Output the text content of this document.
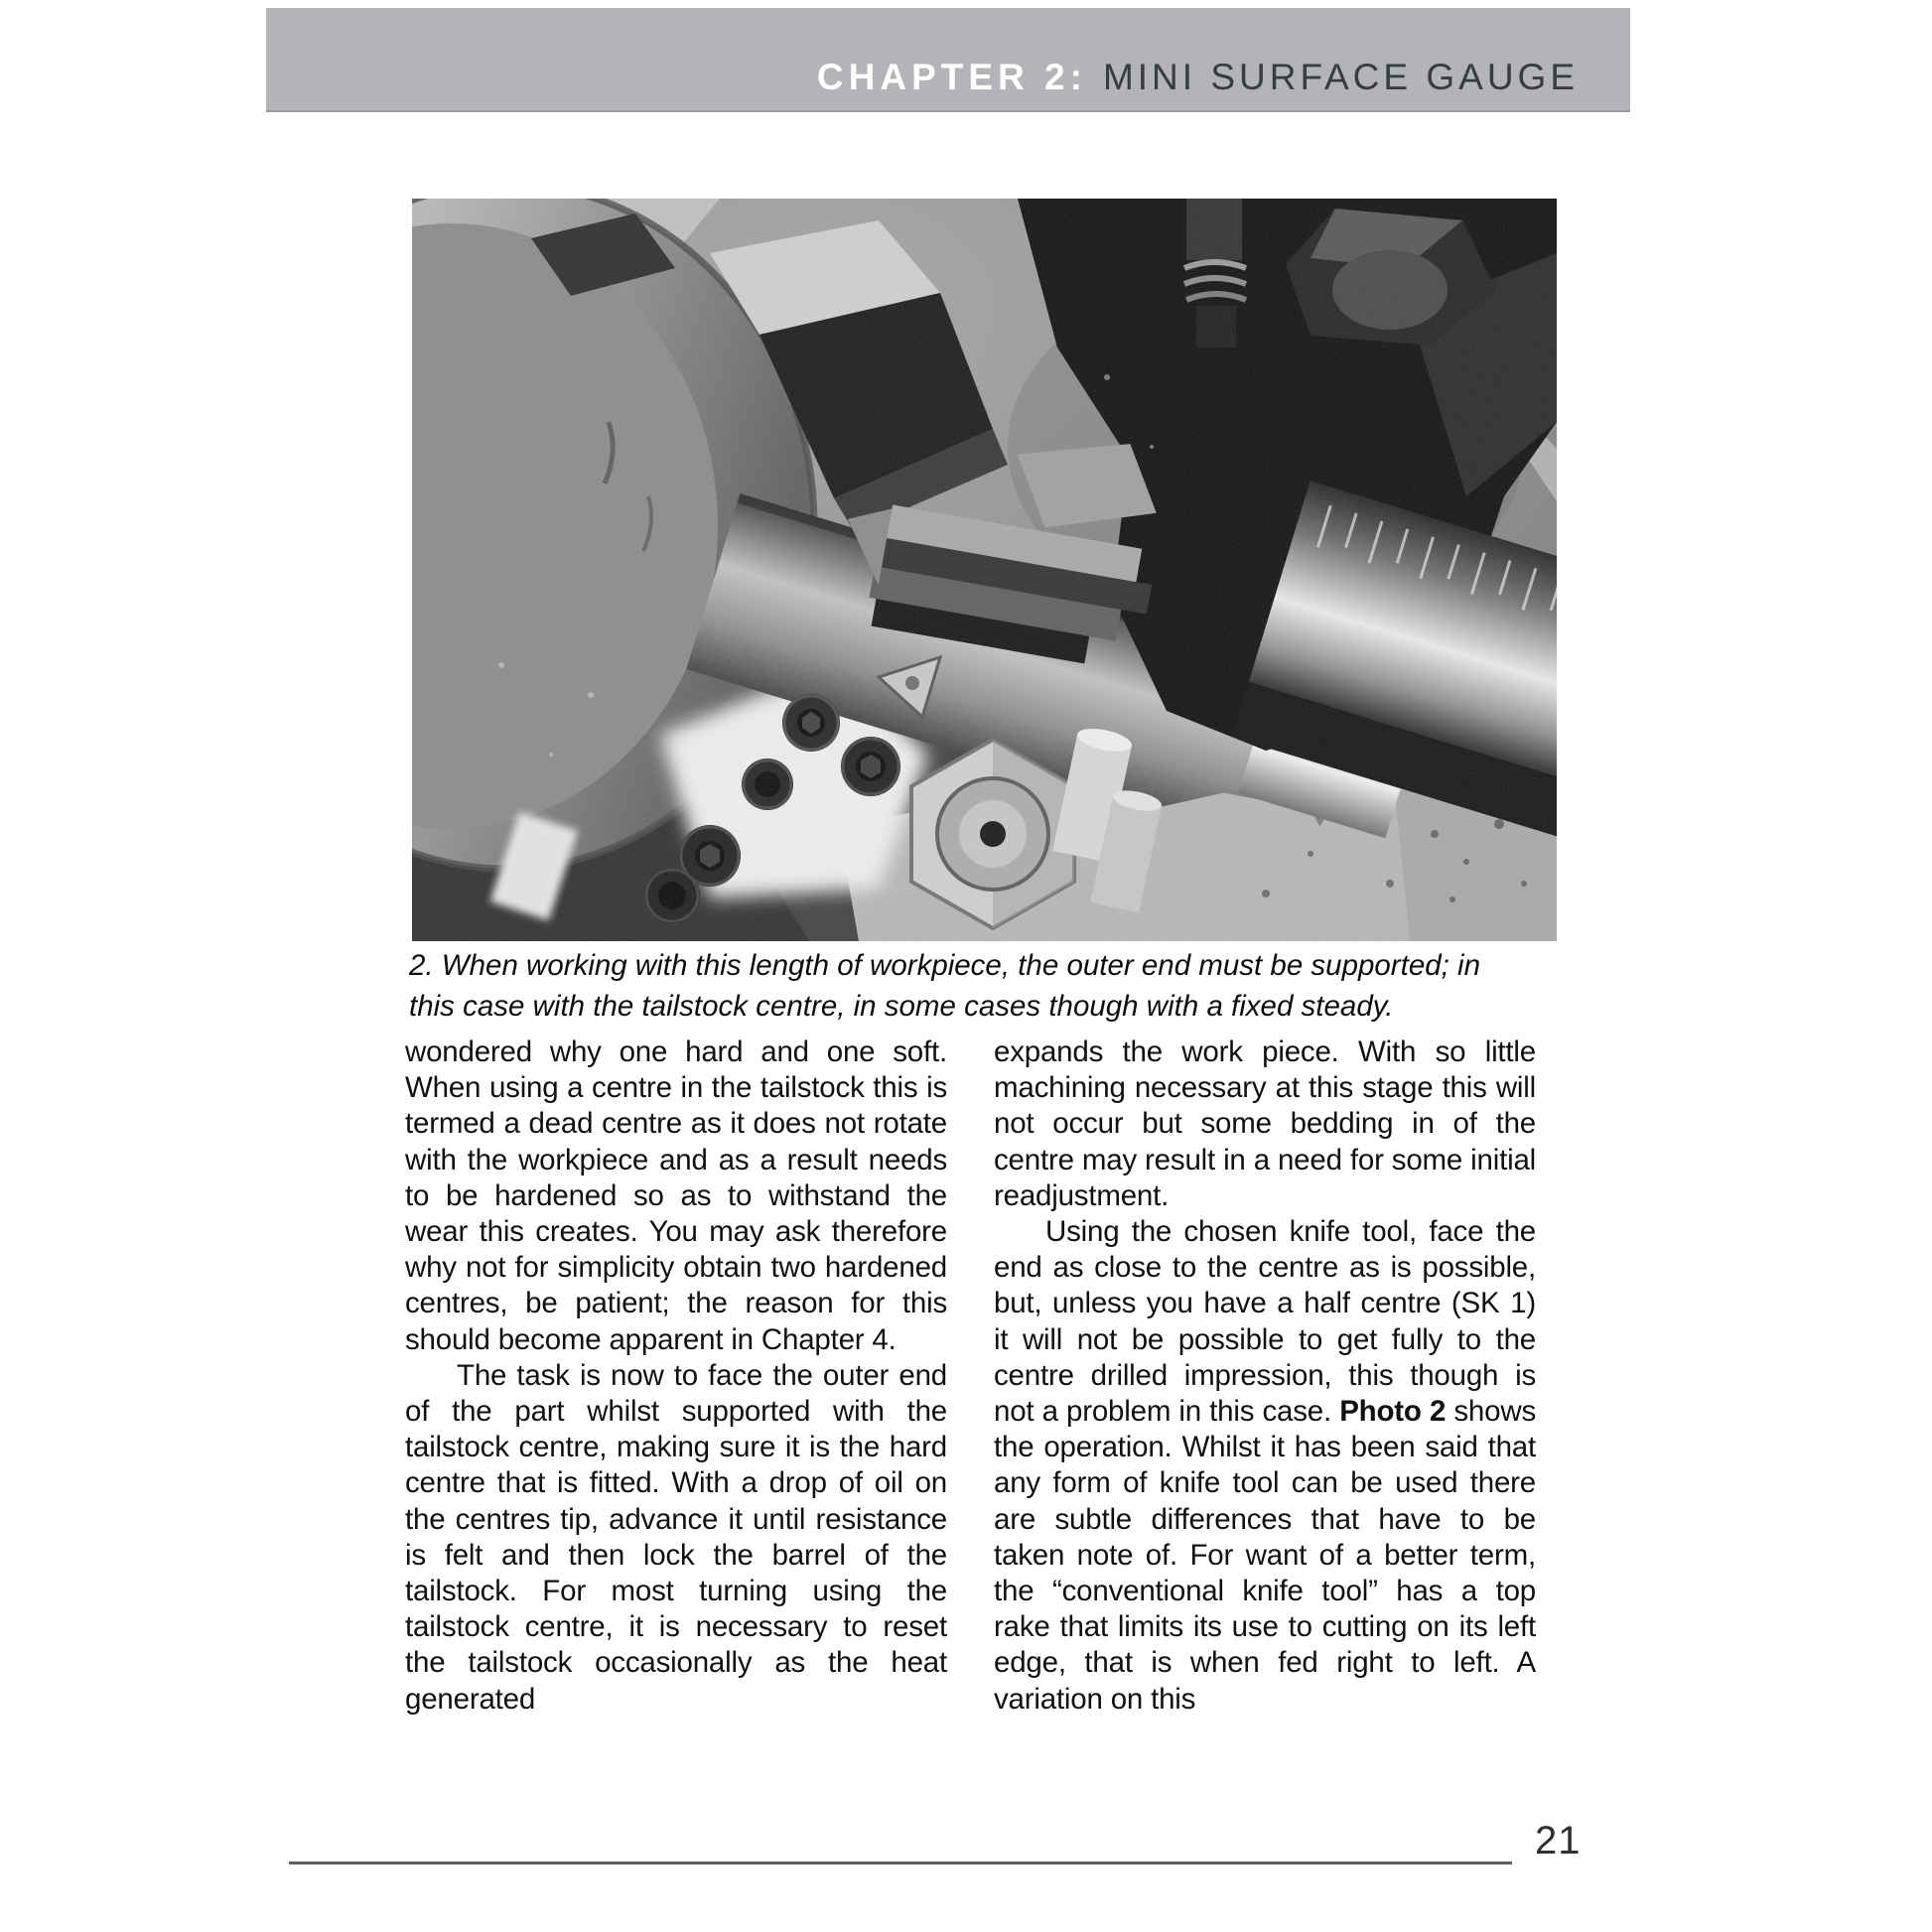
CHAPTER 2: MINI SURFACE GAUGE
2. When working with this length of workpiece, the outer end must be supported; in
this case with the tailstock centre, in some cases though with a fixed steady.

wondered why one hard and one soft. When using a centre in the tailstock this is termed a dead centre as it does not rotate with the workpiece and as a result needs to be hardened so as to withstand the wear this creates. You may ask therefore why not for simplicity obtain two hardened centres, be patient; the reason for this should become apparent in Chapter 4.

The task is now to face the outer end of the part whilst supported with the tailstock centre, making sure it is the hard centre that is fitted. With a drop of oil on the centres tip, advance it until resistance is felt and then lock the barrel of the tailstock. For most turning using the tailstock centre, it is necessary to reset the tailstock occasionally as the heat generated

expands the work piece. With so little machining necessary at this stage this will not occur but some bedding in of the centre may result in a need for some initial readjustment.

Using the chosen knife tool, face the end as close to the centre as is possible, but, unless you have a half centre (SK 1) it will not be possible to get fully to the centre drilled impression, this though is not a problem in this case. Photo 2 shows the operation. Whilst it has been said that any form of knife tool can be used there are subtle differences that have to be taken note of. For want of a better term, the “conventional knife tool” has a top rake that limits its use to cutting on its left edge, that is when fed right to left. A variation on this

21
